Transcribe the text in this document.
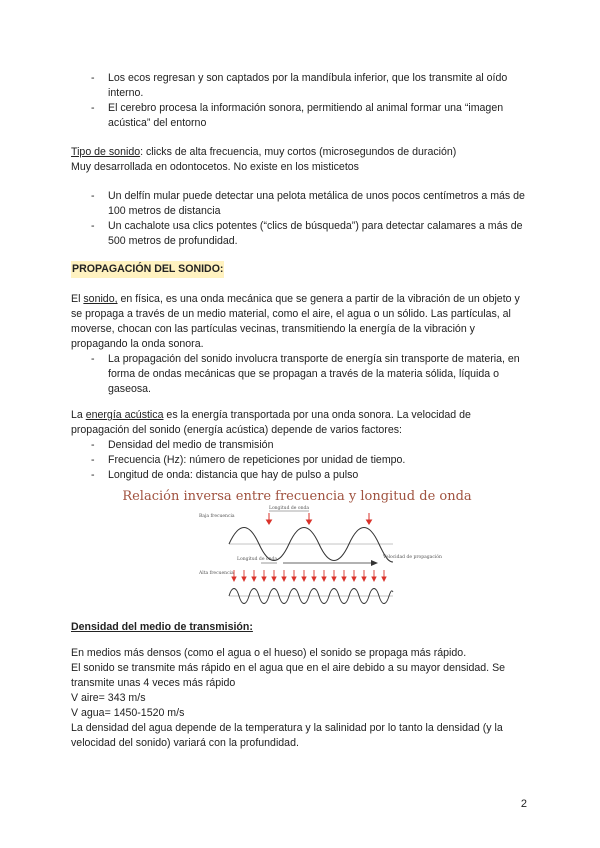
- Los ecos regresan y son captados por la mandíbula inferior, que los transmite al oído interno.
- El cerebro procesa la información sonora, permitiendo al animal formar una “imagen acústica” del entorno

Tipo de sonido: clicks de alta frecuencia, muy cortos (microsegundos de duración)

Muy desarrollada en odontocetos. No existe en los misticetos

- Un delfín mular puede detectar una pelota metálica de unos pocos centímetros a más de 100 metros de distancia
- Un cachalote usa clics potentes (“clics de búsqueda”) para detectar calamares a más de 500 metros de profundidad.
PROPAGACIÓN DEL SONIDO:

El sonido, en física, es una onda mecánica que se genera a partir de la vibración de un objeto y se propaga a través de un medio material, como el aire, el agua o un sólido. Las partículas, al moverse, chocan con las partículas vecinas, transmitiendo la energía de la vibración y propagando la onda sonora.

- La propagación del sonido involucra transporte de energía sin transporte de materia, en forma de ondas mecánicas que se propagan a través de la materia sólida, líquida o gaseosa.

La energía acústica es la energía transportada por una onda sonora. La velocidad de propagación del sonido (energía acústica) depende de varios factores:

- Densidad del medio de transmisión
- Frecuencia (Hz): número de repeticiones por unidad de tiempo.
- Longitud de onda: distancia que hay de pulso a pulso
Relación inversa entre frecuencia y longitud de onda
Baja frecuencia
Longitud de onda
Longitud de onda	Velocidad de propagación
Alta frecuencia
Densidad del medio de transmisión:

En medios más densos (como el agua o el hueso) el sonido se propaga más rápido.

El sonido se transmite más rápido en el agua que en el aire debido a su mayor densidad. Se transmite unas 4 veces más rápido

V aire= 343 m/s

V agua= 1450-1520 m/s

La densidad del agua depende de la temperatura y la salinidad por lo tanto la densidad (y la velocidad del sonido) variará con la profundidad.

2
